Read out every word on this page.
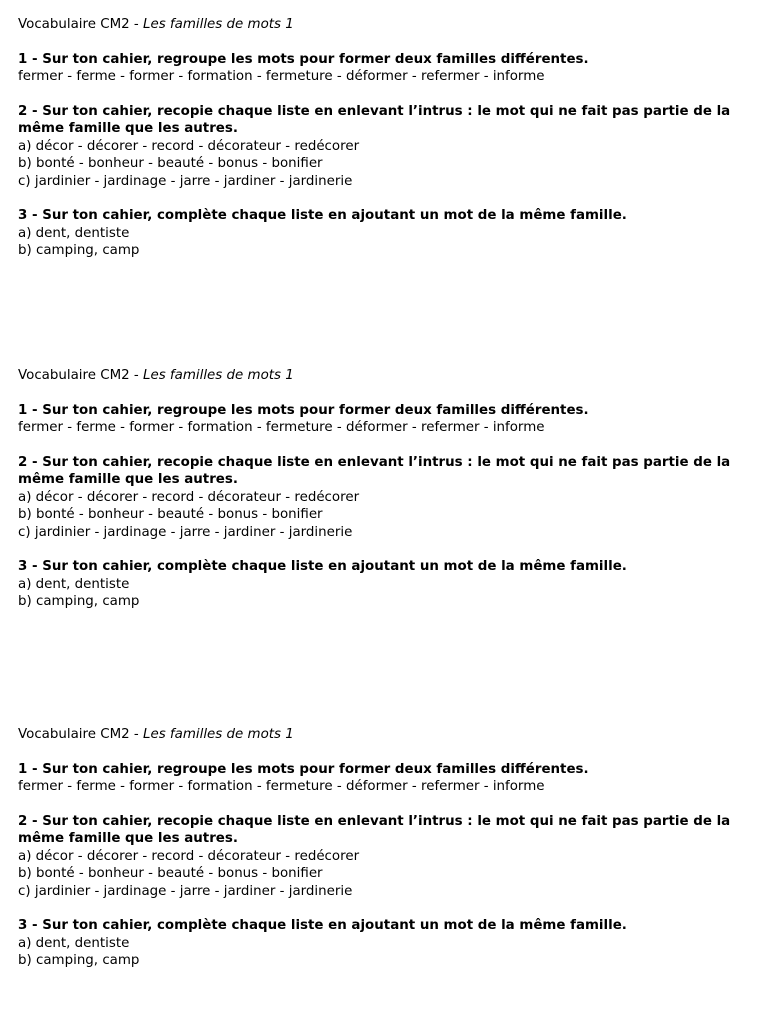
Vocabulaire CM2 - Les familles de mots 1

1 - Sur ton cahier, regroupe les mots pour former deux familles différentes.

fermer - ferme - former - formation - fermeture - déformer - refermer - informe

2 - Sur ton cahier, recopie chaque liste en enlevant l’intrus : le mot qui ne fait pas partie de la même famille que les autres.

a) décor - décorer - record - décorateur - redécorer

b) bonté - bonheur - beauté - bonus - bonifier

c) jardinier - jardinage - jarre - jardiner - jardinerie

3 - Sur ton cahier, complète chaque liste en ajoutant un mot de la même famille.

a) dent, dentiste

b) camping, camp

Vocabulaire CM2 - Les familles de mots 1

1 - Sur ton cahier, regroupe les mots pour former deux familles différentes.

fermer - ferme - former - formation - fermeture - déformer - refermer - informe

2 - Sur ton cahier, recopie chaque liste en enlevant l’intrus : le mot qui ne fait pas partie de la même famille que les autres.

a) décor - décorer - record - décorateur - redécorer

b) bonté - bonheur - beauté - bonus - bonifier

c) jardinier - jardinage - jarre - jardiner - jardinerie

3 - Sur ton cahier, complète chaque liste en ajoutant un mot de la même famille.

a) dent, dentiste

b) camping, camp

Vocabulaire CM2 - Les familles de mots 1

1 - Sur ton cahier, regroupe les mots pour former deux familles différentes.

fermer - ferme - former - formation - fermeture - déformer - refermer - informe

2 - Sur ton cahier, recopie chaque liste en enlevant l’intrus : le mot qui ne fait pas partie de la même famille que les autres.

a) décor - décorer - record - décorateur - redécorer

b) bonté - bonheur - beauté - bonus - bonifier

c) jardinier - jardinage - jarre - jardiner - jardinerie

3 - Sur ton cahier, complète chaque liste en ajoutant un mot de la même famille.

a) dent, dentiste

b) camping, camp
